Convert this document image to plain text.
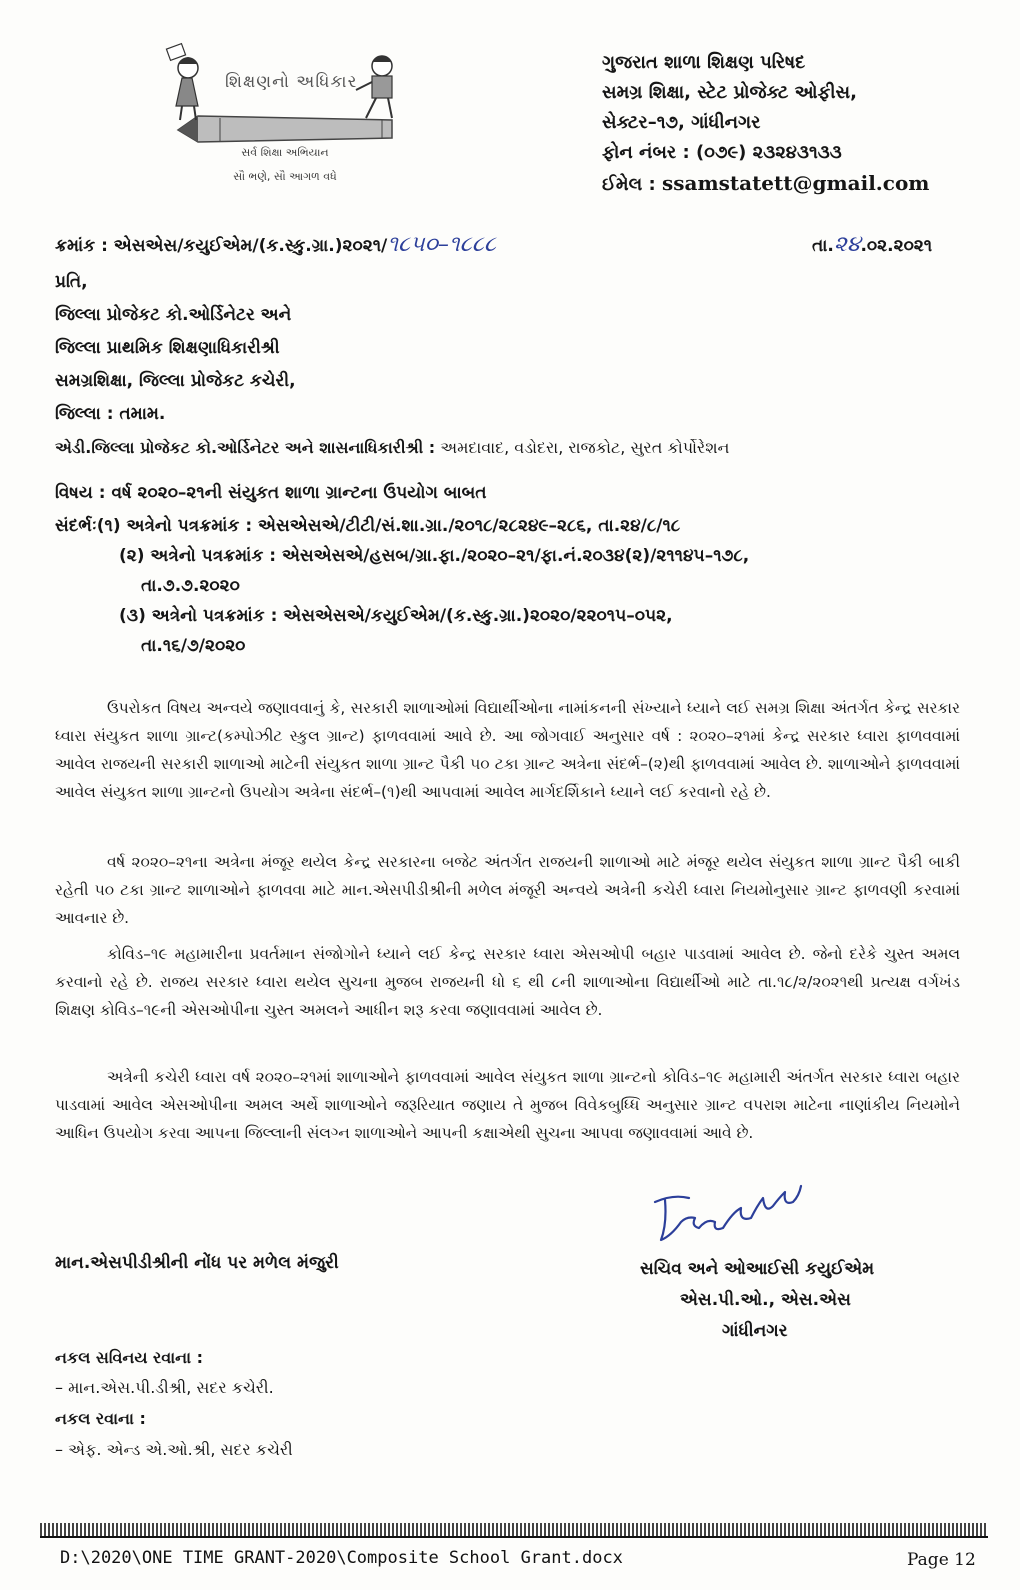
શિક્ષણનો અધિકાર
સર્વ શિક્ષા અભિયાન
સૌ ભણે, સૌ આગળ વધે
ગુજરાત શાળા શિક્ષણ પરિષદ
સમગ્ર શિક્ષા, સ્ટેટ પ્રોજેક્ટ ઓફીસ,
સેક્ટર–૧૭, ગાંધીનગર
ફોન નંબર : (૦૭૯) ૨૩૨૪૩૧૩૩
ઈમેલ : ssamstatett@gmail.com
ક્રમાંક : એસએસ/કયુઈએમ/(ક.સ્કુ.ગ્રા.)૨૦૨૧/૧૮૫૦–૧૮૮૮	તા.૨૪.૦૨.૨૦૨૧
પ્રતિ,
જિલ્લા પ્રોજેકટ કો.ઓર્ડિનેટર અને
જિલ્લા પ્રાથમિક શિક્ષણાધિકારીશ્રી
સમગ્રશિક્ષા, જિલ્લા પ્રોજેકટ કચેરી,
જિલ્લા : તમામ.
એડી.જિલ્લા પ્રોજેકટ કો.ઓર્ડિનેટર અને શાસનાધિકારીશ્રી : અમદાવાદ, વડોદરા, રાજકોટ, સુરત કોર્પોરેશન
વિષય : વર્ષ ૨૦૨૦–૨૧ની સંયુકત શાળા ગ્રાન્ટના ઉપયોગ બાબત
સંદર્ભઃ(૧) અત્રેનો પત્રક્રમાંક : એસએસએ/ટીટી/સં.શા.ગ્રા./૨૦૧૮/૨૮૨૪૯–૨૮૬, તા.૨૪/૮/૧૮
(૨) અત્રેનો પત્રક્રમાંક : એસએસએ/હસબ/ગ્રા.ફા./૨૦૨૦–૨૧/ફા.નં.૨૦૩૪(૨)/૨૧૧૪૫–૧૭૮,
તા.૭.૭.૨૦૨૦
(૩) અત્રેનો પત્રક્રમાંક : એસએસએ/કયુઈએમ/(ક.સ્કુ.ગ્રા.)૨૦૨૦/૨૨૦૧૫–૦૫૨,
તા.૧૬/૭/૨૦૨૦

ઉપરોકત વિષય અન્વયે જણાવવાનું કે, સરકારી શાળાઓમાં વિદ્યાર્થીઓના નામાંકનની સંખ્યાને ધ્યાને લઈ સમગ્ર શિક્ષા અંતર્ગત કેન્દ્ર સરકાર ધ્વારા સંયુકત શાળા ગ્રાન્ટ(કમ્પોઝીટ સ્કુલ ગ્રાન્ટ) ફાળવવામાં આવે છે. આ જોગવાઈ અનુસાર વર્ષ : ૨૦૨૦–૨૧માં કેન્દ્ર સરકાર ધ્વારા ફાળવવામાં આવેલ રાજયની સરકારી શાળાઓ માટેની સંયુકત શાળા ગ્રાન્ટ પૈકી ૫૦ ટકા ગ્રાન્ટ અત્રેના સંદર્ભ–(૨)થી ફાળવવામાં આવેલ છે. શાળાઓને ફાળવવામાં આવેલ સંયુકત શાળા ગ્રાન્ટનો ઉપયોગ અત્રેના સંદર્ભ–(૧)થી આપવામાં આવેલ માર્ગદર્શિકાને ધ્યાને લઈ કરવાનો રહે છે.

વર્ષ ૨૦૨૦–૨૧ના અત્રેના મંજૂર થયેલ કેન્દ્ર સરકારના બજેટ અંતર્ગત રાજયની શાળાઓ માટે મંજૂર થયેલ સંયુકત શાળા ગ્રાન્ટ પૈકી બાકી રહેતી ૫૦ ટકા ગ્રાન્ટ શાળાઓને ફાળવવા માટે માન.એસપીડીશ્રીની મળેલ મંજૂરી અન્વયે અત્રેની કચેરી ધ્વારા નિયમોનુસાર ગ્રાન્ટ ફાળવણી કરવામાં આવનાર છે.

કોવિડ–૧૯ મહામારીના પ્રવર્તમાન સંજોગોને ધ્યાને લઈ કેન્દ્ર સરકાર ધ્વારા એસઓપી બહાર પાડવામાં આવેલ છે. જેનો દરેકે ચુસ્ત અમલ કરવાનો રહે છે. રાજય સરકાર ધ્વારા થયેલ સુચના મુજબ રાજયની ધો ૬ થી ૮ની શાળાઓના વિદ્યાર્થીઓ માટે તા.૧૮/૨/૨૦૨૧થી પ્રત્યક્ષ વર્ગખંડ શિક્ષણ કોવિડ–૧૯ની એસઓપીના ચુસ્ત અમલને આધીન શરૂ કરવા જણાવવામાં આવેલ છે.

અત્રેની કચેરી ધ્વારા વર્ષ ૨૦૨૦–૨૧માં શાળાઓને ફાળવવામાં આવેલ સંયુકત શાળા ગ્રાન્ટનો કોવિડ–૧૯ મહામારી અંતર્ગત સરકાર ધ્વારા બહાર પાડવામાં આવેલ એસઓપીના અમલ અર્થે શાળાઓને જરૂરિયાત જણાય તે મુજબ વિવેકબુધ્ધિ અનુસાર ગ્રાન્ટ વપરાશ માટેના નાણાંકીય નિયમોને આધિન ઉપયોગ કરવા આપના જિલ્લાની સંલગ્ન શાળાઓને આપની કક્ષાએથી સુચના આપવા જણાવવામાં આવે છે.

માન.એસપીડીશ્રીની નોંધ પર મળેલ મંજુરી	સચિવ અને ઓઆઈસી કયુઈએમ
એસ.પી.ઓ., એસ.એસ
ગાંધીનગર
નકલ સવિનય રવાના :
– માન.એસ.પી.ડીશ્રી, સદર કચેરી.
નકલ રવાના :
– એફ. એન્ડ એ.ઓ.શ્રી, સદર કચેરી
D:\2020\ONE TIME GRANT-2020\Composite School Grant.docx	Page 12
